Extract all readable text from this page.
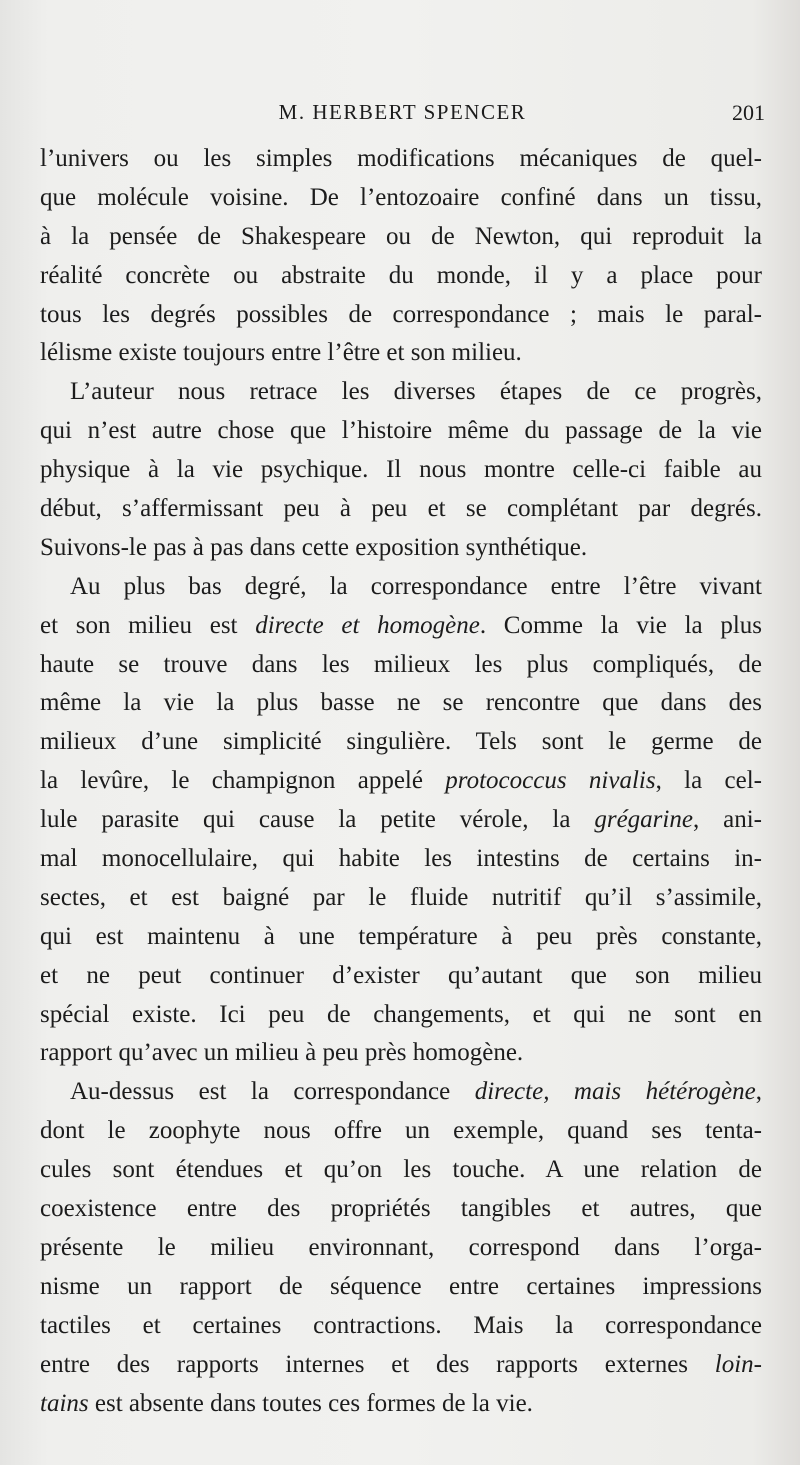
M. HERBERT SPENCER	201
l’univers ou les simples modifications mécaniques de quel-
que molécule voisine. De l’entozoaire confiné dans un tissu,
à la pensée de Shakespeare ou de Newton, qui reproduit la
réalité concrète ou abstraite du monde, il y a place pour
tous les degrés possibles de correspondance ; mais le paral-
lélisme existe toujours entre l’être et son milieu.
L’auteur nous retrace les diverses étapes de ce progrès,
qui n’est autre chose que l’histoire même du passage de la vie
physique à la vie psychique. Il nous montre celle-ci faible au
début, s’affermissant peu à peu et se complétant par degrés.
Suivons-le pas à pas dans cette exposition synthétique.
Au plus bas degré, la correspondance entre l’être vivant
et son milieu est directe et homogène. Comme la vie la plus
haute se trouve dans les milieux les plus compliqués, de
même la vie la plus basse ne se rencontre que dans des
milieux d’une simplicité singulière. Tels sont le germe de
la levûre, le champignon appelé protococcus nivalis, la cel-
lule parasite qui cause la petite vérole, la grégarine, ani-
mal monocellulaire, qui habite les intestins de certains in-
sectes, et est baigné par le fluide nutritif qu’il s’assimile,
qui est maintenu à une température à peu près constante,
et ne peut continuer d’exister qu’autant que son milieu
spécial existe. Ici peu de changements, et qui ne sont en
rapport qu’avec un milieu à peu près homogène.
Au-dessus est la correspondance directe, mais hétérogène,
dont le zoophyte nous offre un exemple, quand ses tenta-
cules sont étendues et qu’on les touche. A une relation de
coexistence entre des propriétés tangibles et autres, que
présente le milieu environnant, correspond dans l’orga-
nisme un rapport de séquence entre certaines impressions
tactiles et certaines contractions. Mais la correspondance
entre des rapports internes et des rapports externes loin-
tains est absente dans toutes ces formes de la vie.
